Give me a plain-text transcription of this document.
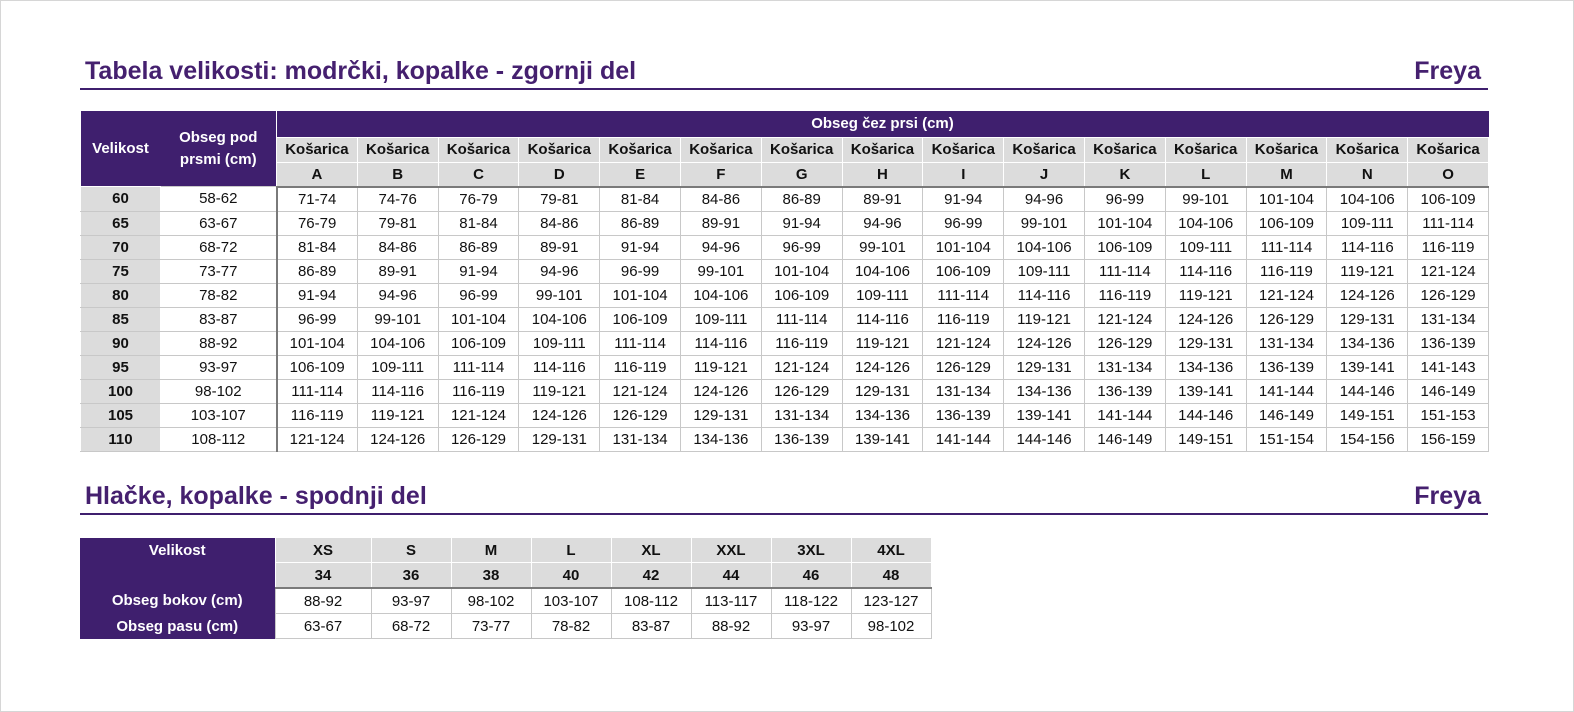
Tabela velikosti: modrčki, kopalke - zgornji del	Freya
Velikost	Obseg pod prsmi (cm)	Obseg čez prsi (cm)														
		Košarica	Košarica	Košarica	Košarica	Košarica	Košarica	Košarica	Košarica	Košarica	Košarica	Košarica	Košarica	Košarica	Košarica	Košarica
		A	B	C	D	E	F	G	H	I	J	K	L	M	N	O
60	58-62	71-74	74-76	76-79	79-81	81-84	84-86	86-89	89-91	91-94	94-96	96-99	99-101	101-104	104-106	106-109
65	63-67	76-79	79-81	81-84	84-86	86-89	89-91	91-94	94-96	96-99	99-101	101-104	104-106	106-109	109-111	111-114
70	68-72	81-84	84-86	86-89	89-91	91-94	94-96	96-99	99-101	101-104	104-106	106-109	109-111	111-114	114-116	116-119
75	73-77	86-89	89-91	91-94	94-96	96-99	99-101	101-104	104-106	106-109	109-111	111-114	114-116	116-119	119-121	121-124
80	78-82	91-94	94-96	96-99	99-101	101-104	104-106	106-109	109-111	111-114	114-116	116-119	119-121	121-124	124-126	126-129
85	83-87	96-99	99-101	101-104	104-106	106-109	109-111	111-114	114-116	116-119	119-121	121-124	124-126	126-129	129-131	131-134
90	88-92	101-104	104-106	106-109	109-111	111-114	114-116	116-119	119-121	121-124	124-126	126-129	129-131	131-134	134-136	136-139
95	93-97	106-109	109-111	111-114	114-116	116-119	119-121	121-124	124-126	126-129	129-131	131-134	134-136	136-139	139-141	141-143
100	98-102	111-114	114-116	116-119	119-121	121-124	124-126	126-129	129-131	131-134	134-136	136-139	139-141	141-144	144-146	146-149
105	103-107	116-119	119-121	121-124	124-126	126-129	129-131	131-134	134-136	136-139	139-141	141-144	144-146	146-149	149-151	151-153
110	108-112	121-124	124-126	126-129	129-131	131-134	134-136	136-139	139-141	141-144	144-146	146-149	149-151	151-154	154-156	156-159
Hlačke, kopalke - spodnji del	Freya
Velikost	XS	S	M	L	XL	XXL	3XL	4XL
	34	36	38	40	42	44	46	48
Obseg bokov (cm)	88-92	93-97	98-102	103-107	108-112	113-117	118-122	123-127
Obseg pasu (cm)	63-67	68-72	73-77	78-82	83-87	88-92	93-97	98-102
